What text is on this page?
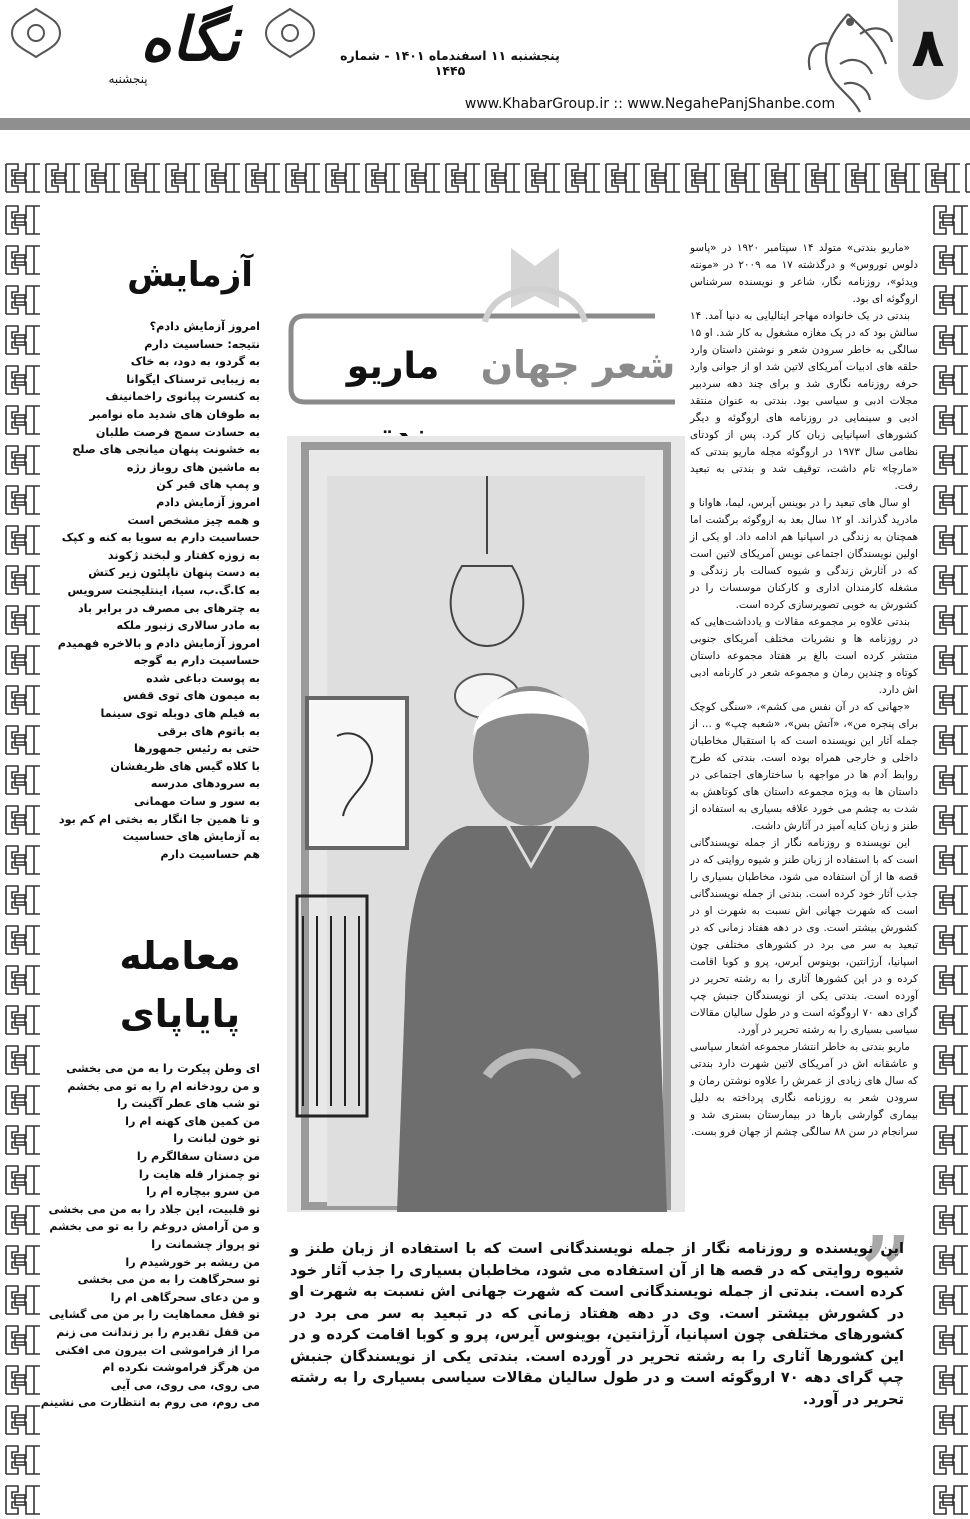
۸
پنجشنبه ۱۱ اسفندماه ۱۴۰۱ - شماره ۱۴۴۵
www.KhabarGroup.ir :: www.NegahePanjShanbe.com
نگاه
پنجشنبه
آزمایش
امروز آزمایش دادم؟
نتیجه: حساسیت دارم
به گردو، به دود، به خاک
به زیبایی ترسناک ایگوانا
به کنسرت پیانوی راخمانینف
به طوفان های شدید ماه نوامبر
به حسادت سمج فرصت طلبان
به خشونت پنهان میانجی های صلح
به ماشین های روباز رژه
و پمپ های قبر کن
امروز آزمایش دادم
و همه چیز مشخص است
حساسیت دارم به سویا به کنه و کپک
به زوزه کفتار و لبخند ژکوند
به دست پنهان ناپلئون زیر کتش
به کا.گ.ب، سیا، اینتلیجنت سرویس
به چترهای بی مصرف در برابر باد
به مادر سالاری زنبور ملکه
امروز آزمایش دادم و بالاخره فهمیدم
حساسیت دارم به گوجه
به پوست دباغی شده
به میمون های توی قفس
به فیلم های دوبله توی سینما
به باتوم های برقی
حتی به رئیس جمهورها
با کلاه گیس های ظریفشان
به سرودهای مدرسه
به سور و سات مهمانی
و تا همین جا انگار به بختی ام کم بود
به آزمایش های حساسیت
هم حساسیت دارم
معامله
پایاپای
ای وطن پیکرت را به من می بخشی
و من رودخانه ام را به تو می بخشم
تو شب های عطر آگینت را
من کمین های کهنه ام را
تو خون لبانت را
من دستان سفالگرم را
تو چمنزار قله هایت را
من سرو بیچاره ام را
تو قلبیت، این جلاد را به من می بخشی
و من آرامش دروغم را به تو می بخشم
تو پرواز چشمانت را
من ریشه بر خورشیدم را
تو سحرگاهت را به من می بخشی
و من دعای سحرگاهی ام را
تو قفل معماهایت را بر من می گشایی
من قفل تقدیرم را بر زندانت می زنم
مرا از فراموشی ات بیرون می افکنی
من هرگز فراموشت نکرده ام
می روی، می روی، می آیی
می روم، می روم به انتظارت می نشینم
شعر جهان
ماریو

«ماریو بندتی» متولد ۱۴ سپتامبر ۱۹۲۰ در «پاسو دلوس توروس» و درگذشته ۱۷ مه ۲۰۰۹ در «مونته ویدئو»، روزنامه نگار، شاعر و نویسنده سرشناس اروگوئه ای بود.

بندتی در یک خانواده مهاجر ایتالیایی به دنیا آمد. ۱۴ سالش بود که در یک مغازه مشغول به کار شد. او ۱۵ سالگی به خاطر سرودن شعر و نوشتن داستان وارد حلقه های ادبیات آمریکای لاتین شد او از جوانی وارد حرفه روزنامه نگاری شد و برای چند دهه سردبیر مجلات ادبی و سیاسی بود. بندتی به عنوان منتقد ادبی و سینمایی در روزنامه های اروگوئه و دیگر کشورهای اسپانیایی زبان کار کرد. پس از کودتای نظامی سال ۱۹۷۳ در اروگوئه مجله ماریو بندتی که «مارچا» نام داشت، توقیف شد و بندتی به تبعید رفت.

او سال های تبعید را در بوینس آیرس، لیما، هاوانا و مادرید گذراند. او ۱۲ سال بعد به اروگوئه برگشت اما همچنان به زندگی در اسپانیا هم ادامه داد. او یکی از اولین نویسندگان اجتماعی نویس آمریکای لاتین است که در آثارش زندگی و شیوه کسالت بار زندگی و مشغله کارمندان اداری و کارکنان موسسات را در کشورش به خوبی تصویرسازی کرده است.

بندتی علاوه بر مجموعه مقالات و یادداشت‌هایی که در روزنامه ها و نشریات مختلف آمریکای جنوبی منتشر کرده است بالغ بر هفتاد مجموعه داستان کوتاه و چندین رمان و مجموعه شعر در کارنامه ادبی اش دارد.

«جهانی که در آن نفس می کشم»، «سنگی کوچک برای پنجره من»، «آتش بس»، «شعبه چپ» و ... از جمله آثار این نویسنده است که با استقبال مخاطبان داخلی و خارجی همراه بوده است. بندتی که طرح روابط آدم ها در مواجهه با ساختارهای اجتماعی در داستان ها به ویژه مجموعه داستان های کوتاهش به شدت به چشم می خورد علاقه بسیاری به استفاده از طنز و زبان کنایه آمیز در آثارش داشت.

این نویسنده و روزنامه نگار از جمله نویسندگانی است که با استفاده از زبان طنز و شیوه روایتی که در قصه ها از آن استفاده می شود، مخاطبان بسیاری را جذب آثار خود کرده است. بندتی از جمله نویسندگانی است که شهرت جهانی اش نسبت به شهرت او در کشورش بیشتر است. وی در دهه هفتاد زمانی که در تبعید به سر می برد در کشورهای مختلفی چون اسپانیا، آرژانتین، بوینوس آیرس، پرو و کوبا اقامت کرده و در این کشورها آثاری را به رشته تحریر در آورده است. بندتی یکی از نویسندگان جنبش چپ گرای دهه ۷۰ اروگوئه است و در طول سالیان مقالات سیاسی بسیاری را به رشته تحریر در آورد.

ماریو بندتی به خاطر انتشار مجموعه اشعار سیاسی و عاشقانه اش در آمریکای لاتین شهرت دارد بندتی که سال های زیادی از عمرش را علاوه نوشتن رمان و سرودن شعر به روزنامه نگاری پرداخته به دلیل بیماری گوارشی بارها در بیمارستان بستری شد و سرانجام در سن ۸۸ سالگی چشم از جهان فرو بست.

”
این نویسنده و روزنامه نگار از جمله نویسندگانی است که با استفاده از زبان طنز و شیوه روایتی که در قصه ها از آن استفاده می شود، مخاطبان بسیاری را جذب آثار خود کرده است. بندتی از جمله نویسندگانی است که شهرت جهانی اش نسبت به شهرت او در کشورش بیشتر است. وی در دهه هفتاد زمانی که در تبعید به سر می برد در کشورهای مختلفی چون اسپانیا، آرژانتین، بوینوس آیرس، پرو و کوبا اقامت کرده و در این کشورها آثاری را به رشته تحریر در آورده است. بندتی یکی از نویسندگان جنبش چپ گرای دهه ۷۰ اروگوئه است و در طول سالیان مقالات سیاسی بسیاری را به رشته تحریر در آورد.
